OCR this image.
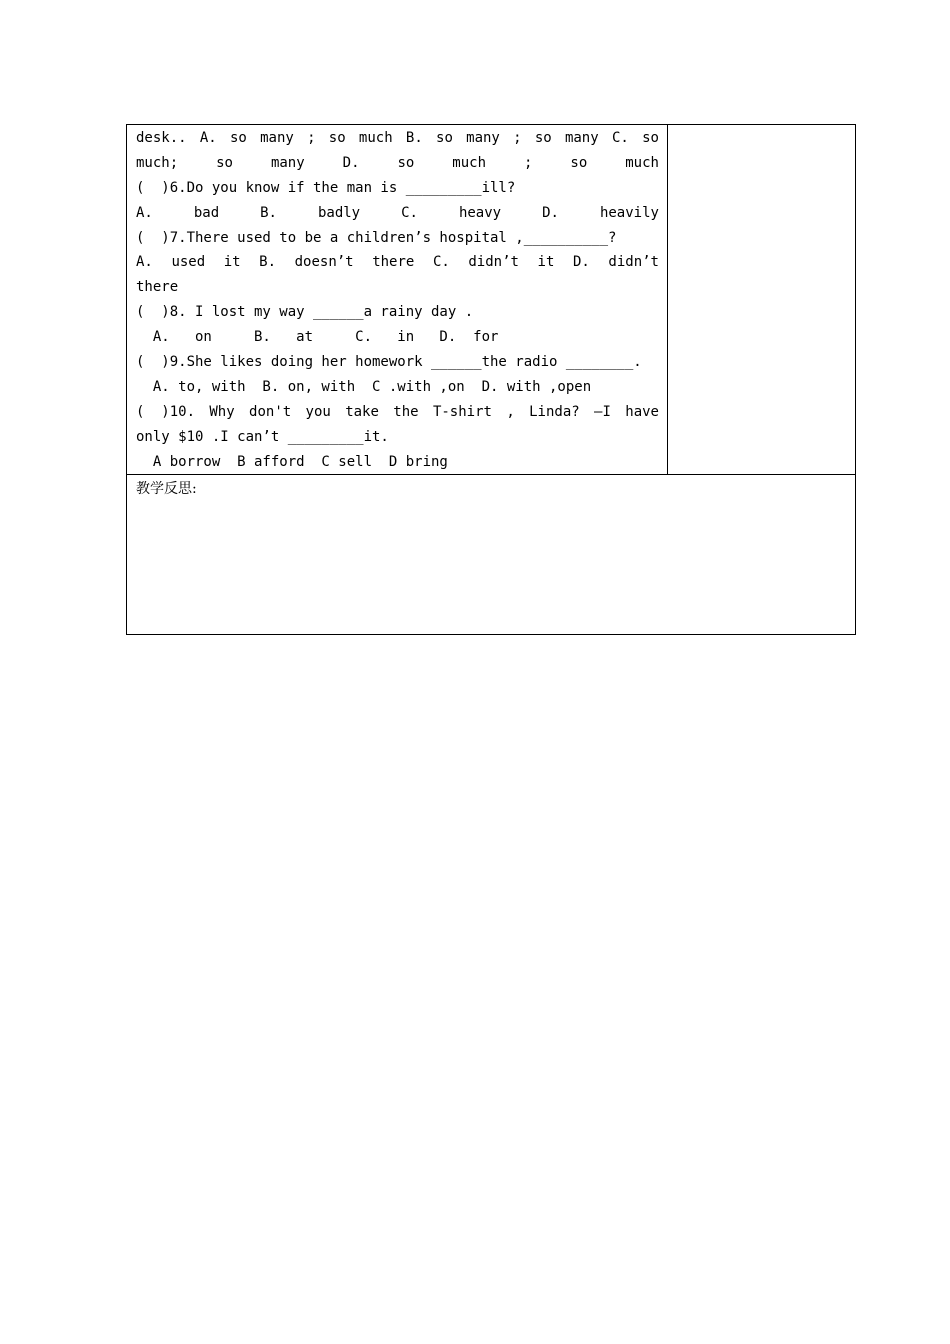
desk.. A. so many ; so much B. so many ; so many C. so
much;	so	many	D.	so	much	;	so	much
(  )6.Do you know if the man is _________ill?
A.	bad	B.	badly	C.	heavy	D.	heavily
(  )7.There used to be a children’s hospital ,__________?
A. used it B. doesn’t there C. didn’t it D. didn’t
there
(  )8. I lost my way ______a rainy day .
A.   on     B.   at     C.   in   D.  for
(  )9.She likes doing her homework ______the radio ________.
A. to, with  B. on, with  C .with ,on  D. with ,open
(  )10. Why don't you take the T-shirt , Linda? –I have
only $10 .I can’t _________it.
A borrow  B afford  C sell  D bring

教学反思:
